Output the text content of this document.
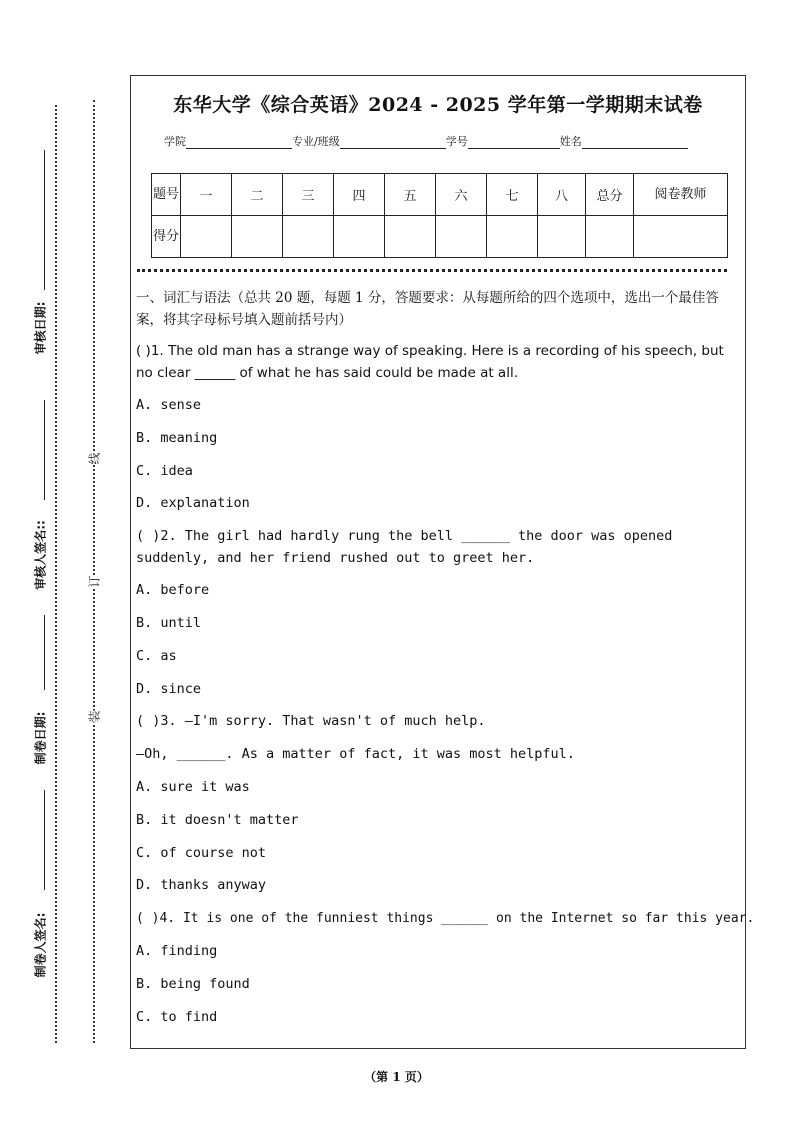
审核日期:
审核人签名::
制卷日期:
制卷人签名:
线
订
装
东华大学《综合英语》2024 - 2025 学年第一学期期末试卷
学院	专业/班级	学号	姓名
题号	一	二	三	四	五	六	七	八	总分	阅卷教师
得分										

一、词汇与语法（总共 20 题，每题 1 分，答题要求：从每题所给的四个选项中，选出一个最佳答案，将其字母标号填入题前括号内）

( )1. The old man has a strange way of speaking. Here is a recording of his speech, but no clear ______ of what he has said could be made at all.

A. sense

B. meaning

C. idea

D. explanation

( )2. The girl had hardly rung the bell ______ the door was opened suddenly, and her friend rushed out to greet her.

A. before

B. until

C. as

D. since

( )3. —I'm sorry. That wasn't of much help.

—Oh, ______. As a matter of fact, it was most helpful.

A. sure it was

B. it doesn't matter

C. of course not

D. thanks anyway

( )4. It is one of the funniest things ______ on the Internet so far this year.

A. finding

B. being found

C. to find

（第 1 页）
